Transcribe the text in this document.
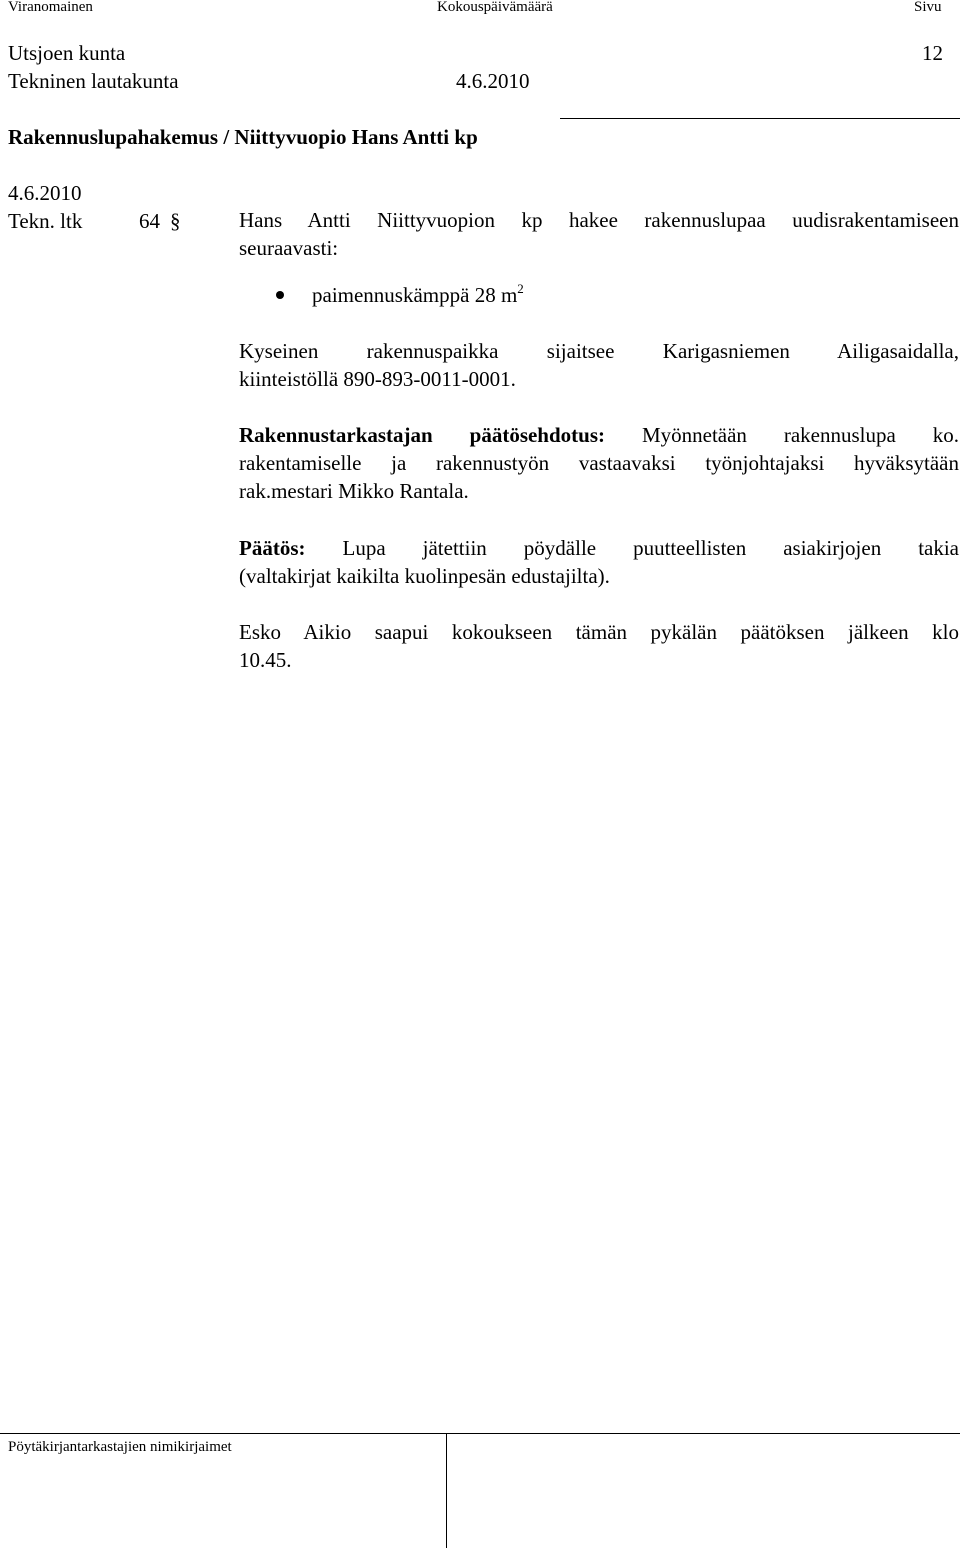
Viranomainen	Kokouspäivämäärä	Sivu
Utsjoen kunta	12
Tekninen lautakunta	4.6.2010
Rakennuslupahakemus / Niittyvuopio Hans Antti kp
4.6.2010
Tekn. ltk	64 §	Hans Antti Niittyvuopion kp hakee rakennuslupaa uudisrakentamiseen

seuraavasti:

paimennuskämppä 28 $m^2$

Kyseinen rakennuspaikka sijaitsee Karigasniemen Ailigasaidalla,

kiinteistöllä 890-893-0011-0001.

Rakennustarkastajan päätösehdotus: Myönnetään rakennuslupa ko.

rakentamiselle ja rakennustyön vastaavaksi työnjohtajaksi hyväksytään

rak.mestari Mikko Rantala.

Päätös: Lupa jätettiin pöydälle puutteellisten asiakirjojen takia

(valtakirjat kaikilta kuolinpesän edustajilta).

Esko Aikio saapui kokoukseen tämän pykälän päätöksen jälkeen klo

10.45.

Pöytäkirjantarkastajien nimikirjaimet
